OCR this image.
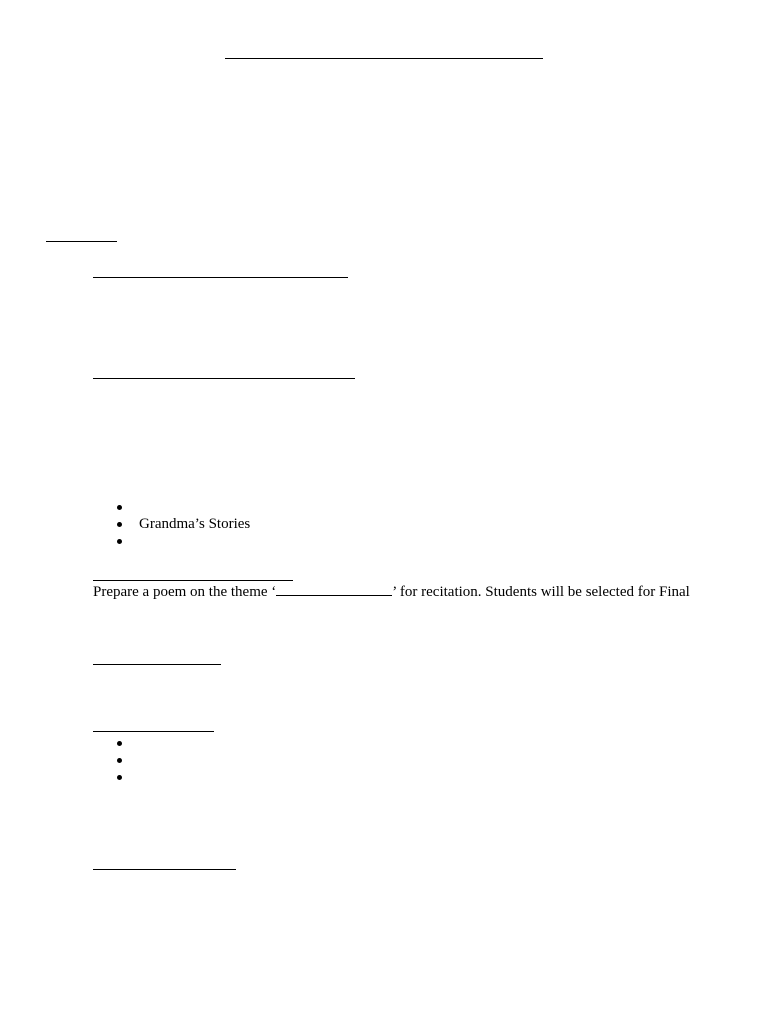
Grandma’s Stories
Prepare a poem on the theme ‘	’ for recitation. Students will be selected for Final
